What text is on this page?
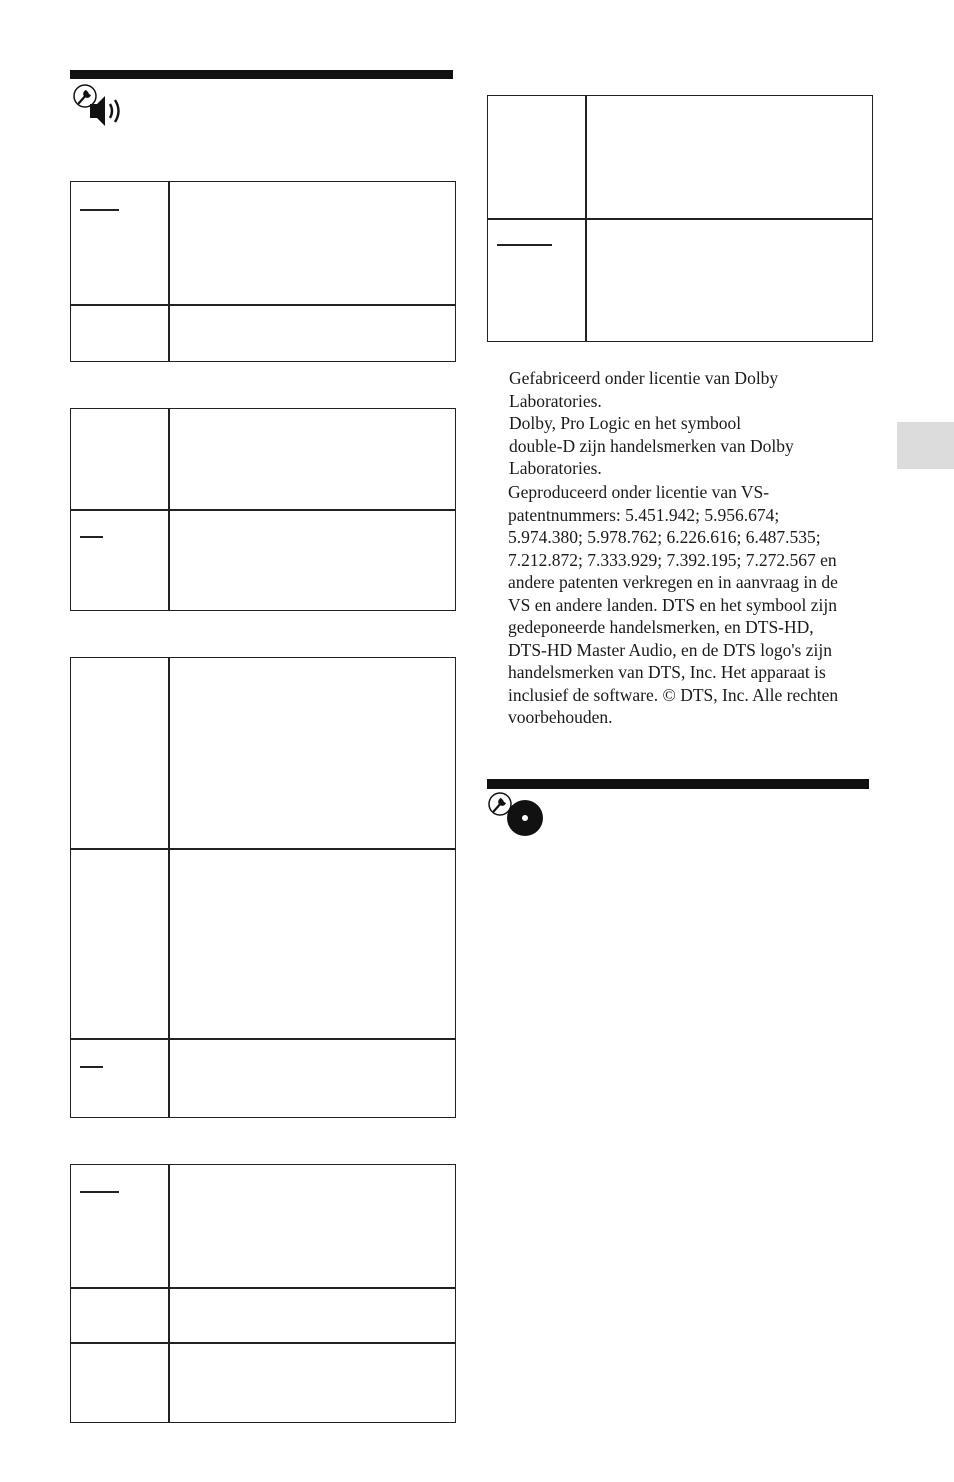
Gefabriceerd onder licentie van Dolby

Laboratories.

Dolby, Pro Logic en het symbool

double-D zijn handelsmerken van Dolby

Laboratories.

Geproduceerd onder licentie van VS-

patentnummers: 5.451.942; 5.956.674;

5.974.380; 5.978.762; 6.226.616; 6.487.535;

7.212.872; 7.333.929; 7.392.195; 7.272.567 en

andere patenten verkregen en in aanvraag in de

VS en andere landen. DTS en het symbool zijn

gedeponeerde handelsmerken, en DTS-HD,

DTS-HD Master Audio, en de DTS logo's zijn

handelsmerken van DTS, Inc. Het apparaat is

inclusief de software. © DTS, Inc. Alle rechten

voorbehouden.
